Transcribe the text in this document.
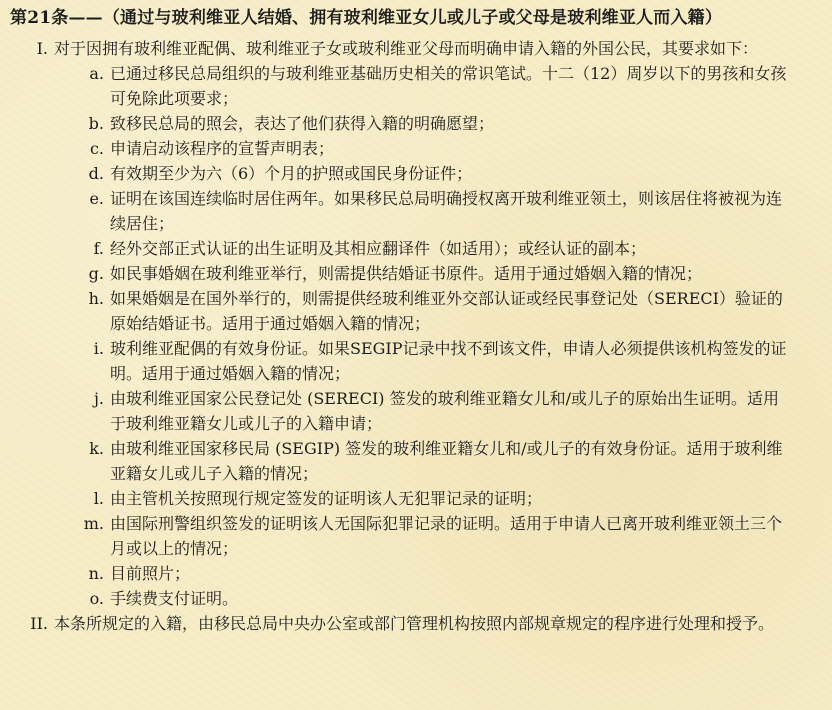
第21条——（通过与玻利维亚人结婚、拥有玻利维亚女儿或儿子或父母是玻利维亚人而入籍）
I. 对于因拥有玻利维亚配偶、玻利维亚子女或玻利维亚父母而明确申请入籍的外国公民，其要求如下：
a. 已通过移民总局组织的与玻利维亚基础历史相关的常识笔试。十二（12）周岁以下的男孩和女孩可免除此项要求；
b. 致移民总局的照会，表达了他们获得入籍的明确愿望；
c. 申请启动该程序的宣誓声明表；
d. 有效期至少为六（6）个月的护照或国民身份证件；
e. 证明在该国连续临时居住两年。如果移民总局明确授权离开玻利维亚领土，则该居住将被视为连续居住；
f. 经外交部正式认证的出生证明及其相应翻译件（如适用）；或经认证的副本；
g. 如民事婚姻在玻利维亚举行，则需提供结婚证书原件。适用于通过婚姻入籍的情况；
h. 如果婚姻是在国外举行的，则需提供经玻利维亚外交部认证或经民事登记处（SERECI）验证的原始结婚证书。适用于通过婚姻入籍的情况；
i. 玻利维亚配偶的有效身份证。如果SEGIP记录中找不到该文件，申请人必须提供该机构签发的证明。适用于通过婚姻入籍的情况；
j. 由玻利维亚国家公民登记处 (SERECI) 签发的玻利维亚籍女儿和/或儿子的原始出生证明。适用于玻利维亚籍女儿或儿子的入籍申请；
k. 由玻利维亚国家移民局 (SEGIP) 签发的玻利维亚籍女儿和/或儿子的有效身份证。适用于玻利维亚籍女儿或儿子入籍的情况；
l. 由主管机关按照现行规定签发的证明该人无犯罪记录的证明；
m. 由国际刑警组织签发的证明该人无国际犯罪记录的证明。适用于申请人已离开玻利维亚领土三个月或以上的情况；
n. 目前照片；
o. 手续费支付证明。
II. 本条所规定的入籍，由移民总局中央办公室或部门管理机构按照内部规章规定的程序进行处理和授予。
